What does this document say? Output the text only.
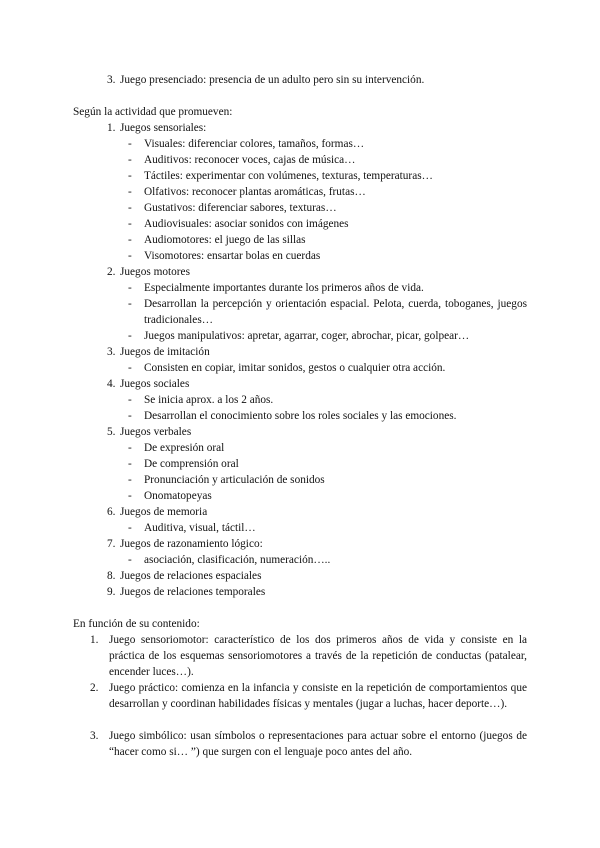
3. Juego presenciado: presencia de un adulto pero sin su intervención.
Según la actividad que promueven:
1. Juegos sensoriales:
- Visuales: diferenciar colores, tamaños, formas…
- Auditivos: reconocer voces, cajas de música…
- Táctiles: experimentar con volúmenes, texturas, temperaturas…
- Olfativos: reconocer plantas aromáticas, frutas…
- Gustativos: diferenciar sabores, texturas…
- Audiovisuales: asociar sonidos con imágenes
- Audiomotores: el juego de las sillas
- Visomotores: ensartar bolas en cuerdas
2. Juegos motores
- Especialmente importantes durante los primeros años de vida.
- Desarrollan la percepción y orientación espacial. Pelota, cuerda, toboganes, juegos tradicionales…
- Juegos manipulativos: apretar, agarrar, coger, abrochar, picar, golpear…
3. Juegos de imitación
- Consisten en copiar, imitar sonidos, gestos o cualquier otra acción.
4. Juegos sociales
- Se inicia aprox. a los 2 años.
- Desarrollan el conocimiento sobre los roles sociales y las emociones.
5. Juegos verbales
- De expresión oral
- De comprensión oral
- Pronunciación y articulación de sonidos
- Onomatopeyas
6. Juegos de memoria
- Auditiva, visual, táctil…
7. Juegos de razonamiento lógico:
- asociación, clasificación, numeración…..
8. Juegos de relaciones espaciales
9. Juegos de relaciones temporales
En función de su contenido:
1. Juego sensoriomotor: característico de los dos primeros años de vida y consiste en la práctica de los esquemas sensoriomotores a través de la repetición de conductas (patalear, encender luces…).
2. Juego práctico: comienza en la infancia y consiste en la repetición de comportamientos que desarrollan y coordinan habilidades físicas y mentales (jugar a luchas, hacer deporte…).
3. Juego simbólico: usan símbolos o representaciones para actuar sobre el entorno (juegos de “hacer como si… ”) que surgen con el lenguaje poco antes del año.
